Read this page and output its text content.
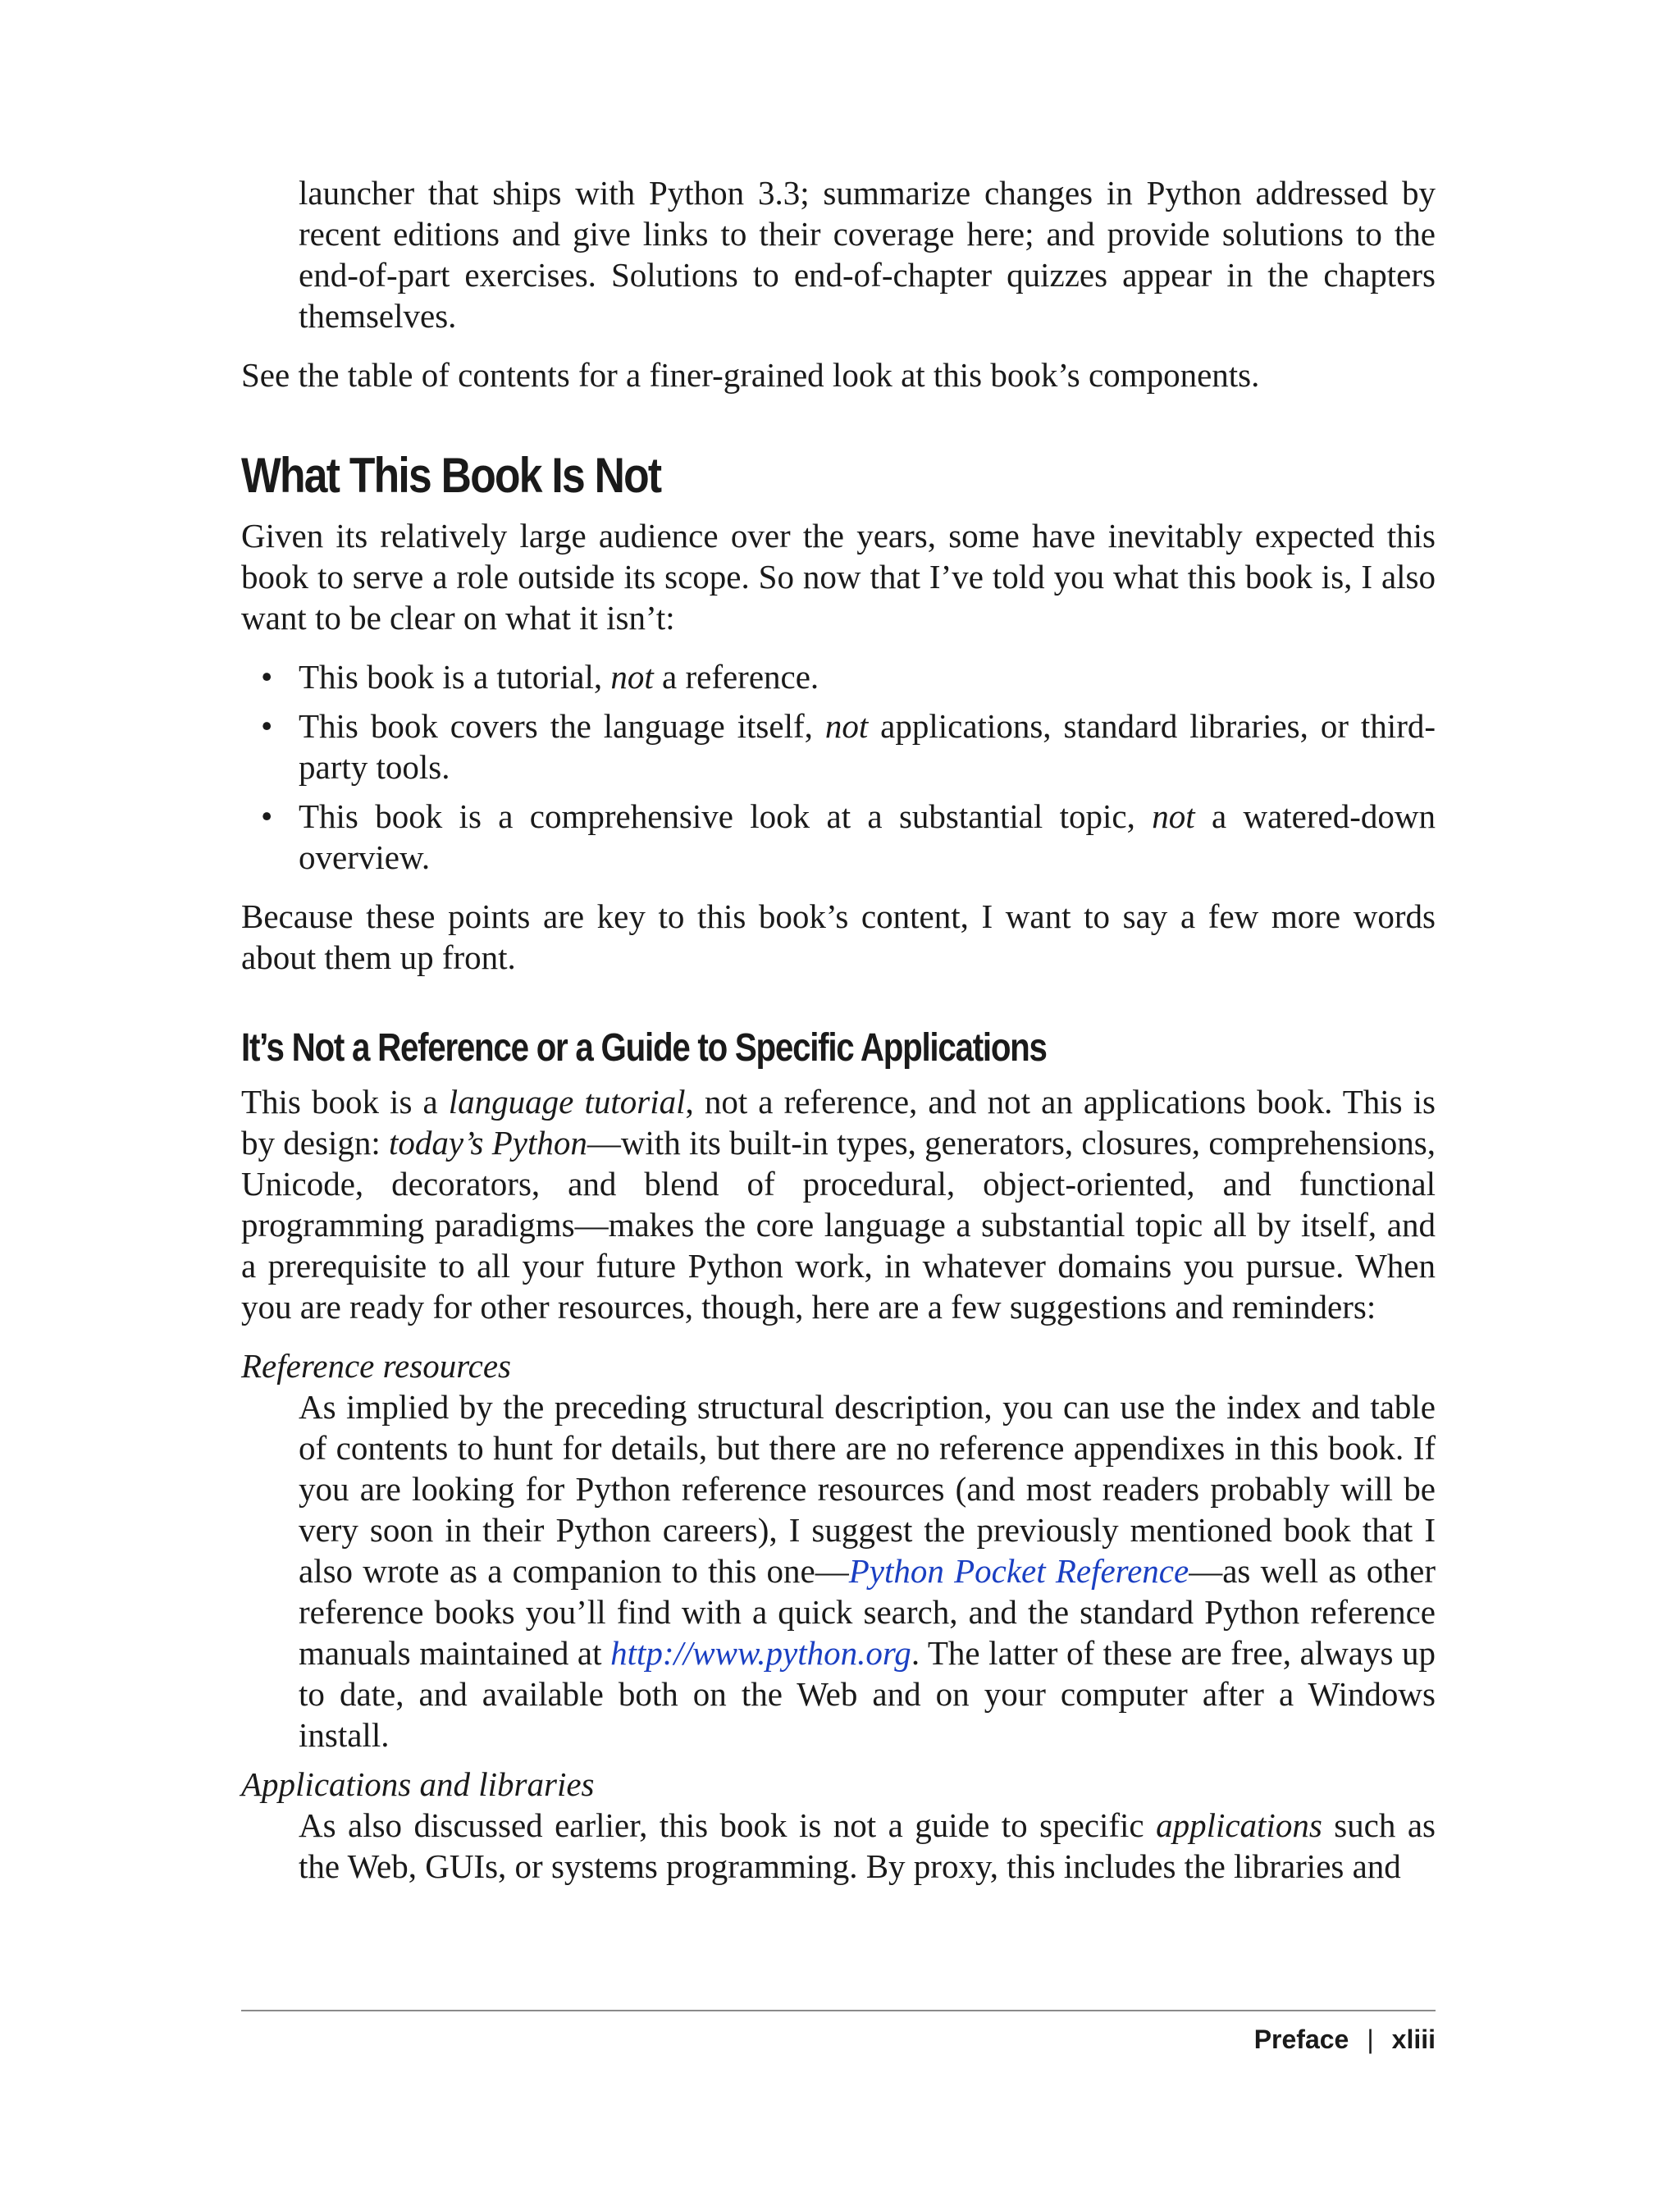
launcher that ships with Python 3.3; summarize changes in Python addressed by recent editions and give links to their coverage here; and provide solutions to the end-of-part exercises. Solutions to end-of-chapter quizzes appear in the chapters themselves.

See the table of contents for a finer-grained look at this book’s components.

What This Book Is Not

Given its relatively large audience over the years, some have inevitably expected this book to serve a role outside its scope. So now that I’ve told you what this book is, I also want to be clear on what it isn’t:

• This book is a tutorial, not a reference.
• This book covers the language itself, not applications, standard libraries, or third-party tools.
• This book is a comprehensive look at a substantial topic, not a watered-down overview.

Because these points are key to this book’s content, I want to say a few more words about them up front.

It’s Not a Reference or a Guide to Specific Applications

This book is a language tutorial, not a reference, and not an applications book. This is by design: today’s Python—with its built-in types, generators, closures, comprehensions, Unicode, decorators, and blend of procedural, object-oriented, and functional programming paradigms—makes the core language a substantial topic all by itself, and a prerequisite to all your future Python work, in whatever domains you pursue. When you are ready for other resources, though, here are a few suggestions and reminders:

Reference resources
As implied by the preceding structural description, you can use the index and table of contents to hunt for details, but there are no reference appendixes in this book. If you are looking for Python reference resources (and most readers probably will be very soon in their Python careers), I suggest the previously mentioned book that I also wrote as a companion to this one—Python Pocket Reference—as well as other reference books you’ll find with a quick search, and the standard Python reference manuals maintained at http://www.python.org. The latter of these are free, always up to date, and available both on the Web and on your computer after a Windows install.
Applications and libraries
As also discussed earlier, this book is not a guide to specific applications such as the Web, GUIs, or systems programming. By proxy, this includes the libraries and
Preface | xliii
